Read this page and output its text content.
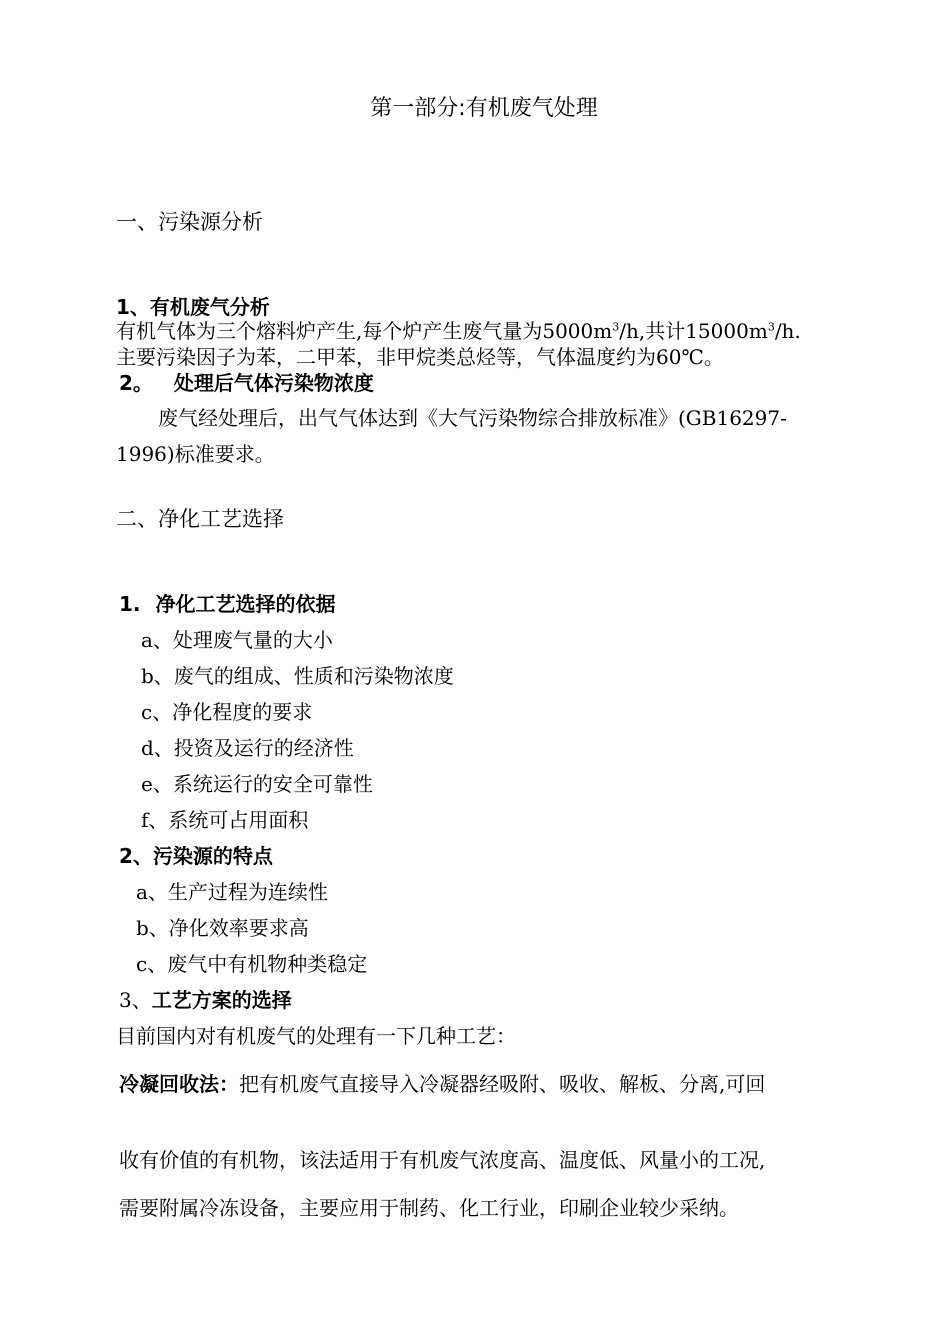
第一部分:有机废气处理
一、污染源分析
1、有机废气分析
有机气体为三个熔料炉产生,每个炉产生废气量为$5000m^3/h$,共计$15000m^3/h$.
主要污染因子为苯，二甲苯，非甲烷类总烃等，气体温度约为60℃。
2。 处理后气体污染物浓度
废气经处理后，出气气体达到《大气污染物综合排放标准》(GB16297-
1996)标准要求。
二、净化工艺选择
1. 净化工艺选择的依据
a、处理废气量的大小
b、废气的组成、性质和污染物浓度
c、净化程度的要求
d、投资及运行的经济性
e、系统运行的安全可靠性
f、系统可占用面积
2、污染源的特点
a、生产过程为连续性
b、净化效率要求高
c、废气中有机物种类稳定
3、工艺方案的选择
目前国内对有机废气的处理有一下几种工艺：
冷凝回收法：把有机废气直接导入冷凝器经吸附、吸收、解板、分离,可回
收有价值的有机物，该法适用于有机废气浓度高、温度低、风量小的工况,
需要附属冷冻设备，主要应用于制药、化工行业，印刷企业较少采纳。
